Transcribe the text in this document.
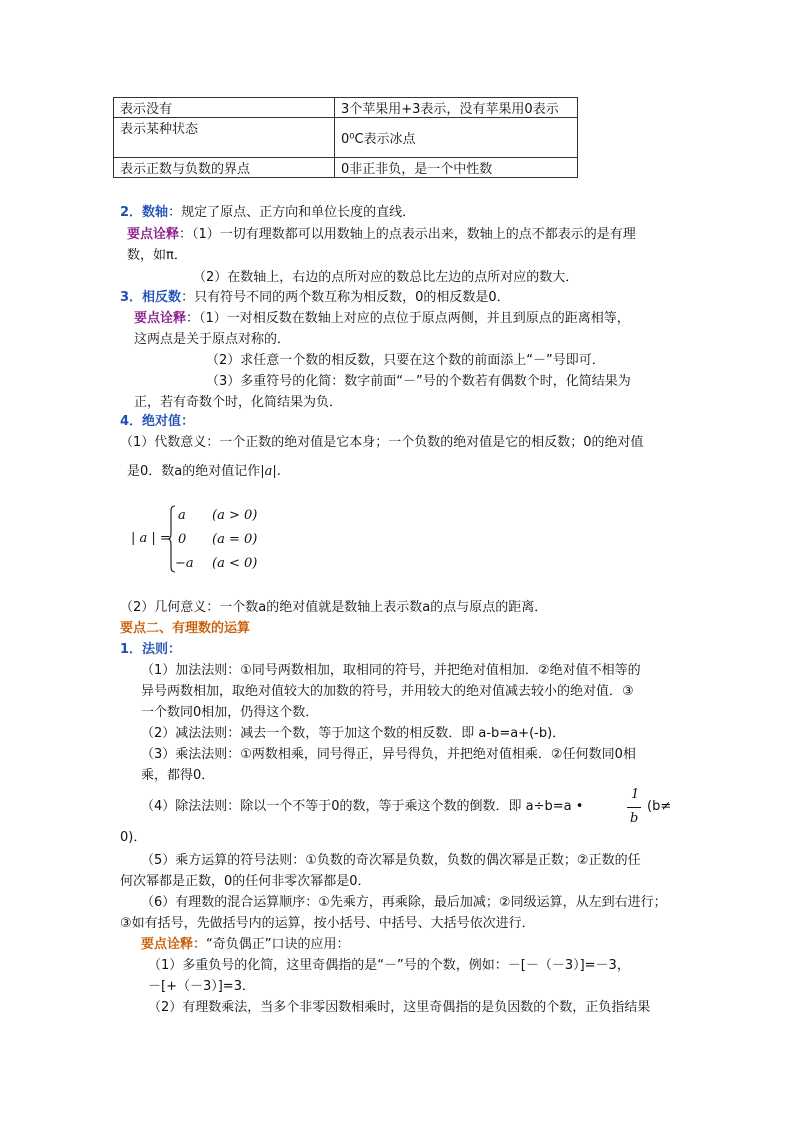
表示没有	3个苹果用+3表示，没有苹果用0表示
表示某种状态	0⁰C表示冰点
表示正数与负数的界点	0非正非负，是一个中性数
2．数轴：规定了原点、正方向和单位长度的直线．
要点诠释：（1）一切有理数都可以用数轴上的点表示出来，数轴上的点不都表示的是有理
数，如π．
（2）在数轴上，右边的点所对应的数总比左边的点所对应的数大．
3．相反数：只有符号不同的两个数互称为相反数，0的相反数是0．
要点诠释：（1）一对相反数在数轴上对应的点位于原点两侧，并且到原点的距离相等，
这两点是关于原点对称的．
（2）求任意一个数的相反数，只要在这个数的前面添上“－”号即可．
（3）多重符号的化简：数字前面“－”号的个数若有偶数个时，化简结果为
正，若有奇数个时，化简结果为负．
4．绝对值：
（1）代数意义：一个正数的绝对值是它本身；一个负数的绝对值是它的相反数；0的绝对值
是0．数a的绝对值记作|a|.
| a | =
a (a > 0)
0 (a = 0)
−a (a < 0)
（2）几何意义：一个数a的绝对值就是数轴上表示数a的点与原点的距离．
要点二、有理数的运算
1．法则：
（1）加法法则：①同号两数相加，取相同的符号，并把绝对值相加．②绝对值不相等的
异号两数相加，取绝对值较大的加数的符号，并用较大的绝对值减去较小的绝对值．③
一个数同0相加，仍得这个数．
（2）减法法则：减去一个数，等于加这个数的相反数．即 a-b=a+(-b)．
（3）乘法法则：①两数相乘，同号得正，异号得负，并把绝对值相乘．②任何数同0相
乘，都得0．
（4）除法法则：除以一个不等于0的数，等于乘这个数的倒数．即 a÷b=a •
1
b
(b≠
0)．
（5）乘方运算的符号法则：①负数的奇次幂是负数，负数的偶次幂是正数；②正数的任
何次幂都是正数，0的任何非零次幂都是0．
（6）有理数的混合运算顺序：①先乘方，再乘除，最后加减；②同级运算，从左到右进行；
③如有括号，先做括号内的运算，按小括号、中括号、大括号依次进行．
要点诠释：“奇负偶正”口诀的应用：
（1）多重负号的化简，这里奇偶指的是“－”号的个数，例如：－[－（－3）]=－3，
－[+（－3）]=3．
（2）有理数乘法，当多个非零因数相乘时，这里奇偶指的是负因数的个数，正负指结果
